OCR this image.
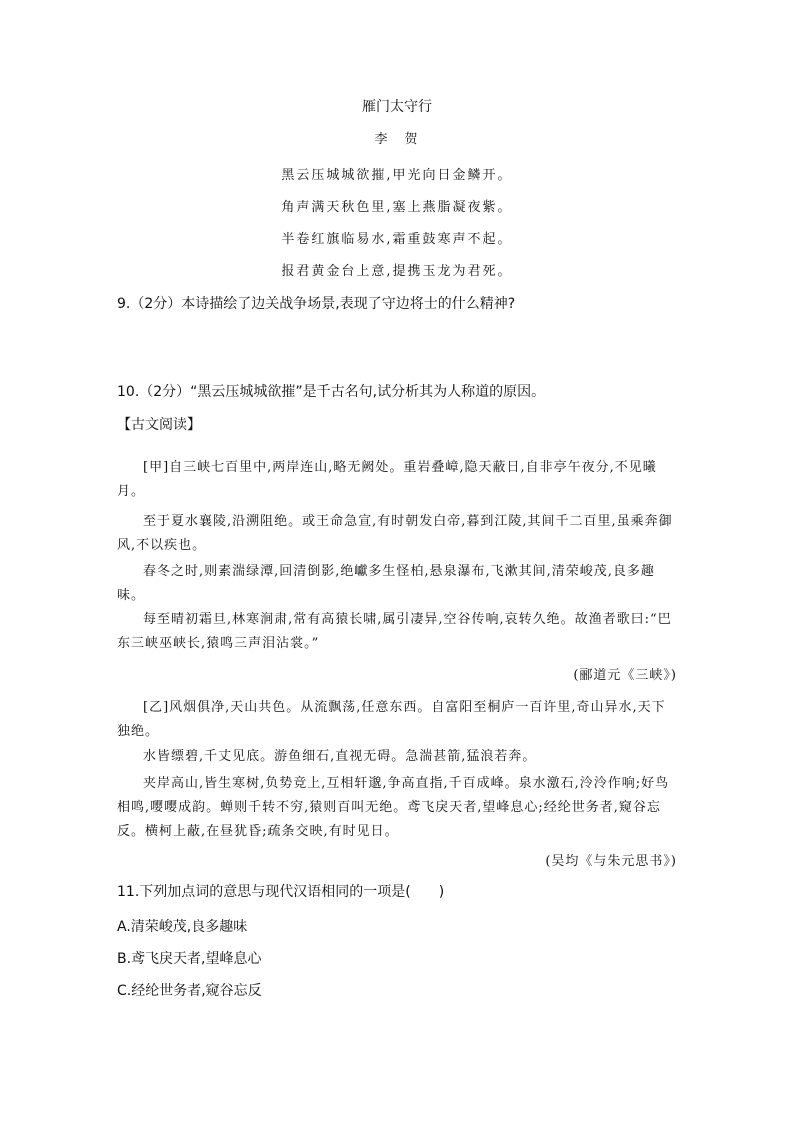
雁门太守行
李　贺
黑云压城城欲摧,甲光向日金鳞开。
角声满天秋色里,塞上燕脂凝夜紫。
半卷红旗临易水,霜重鼓寒声不起。
报君黄金台上意,提携玉龙为君死。
9.（2分）本诗描绘了边关战争场景,表现了守边将士的什么精神?
10.（2分）“黑云压城城欲摧”是千古名句,试分析其为人称道的原因。
【古文阅读】
[甲]自三峡七百里中,两岸连山,略无阙处。重岩叠嶂,隐天蔽日,自非亭午夜分,不见曦月。
至于夏水襄陵,沿溯阻绝。或王命急宣,有时朝发白帝,暮到江陵,其间千二百里,虽乘奔御风,不以疾也。
春冬之时,则素湍绿潭,回清倒影,绝巘多生怪柏,悬泉瀑布,飞漱其间,清荣峻茂,良多趣味。
每至晴初霜旦,林寒涧肃,常有高猿长啸,属引凄异,空谷传响,哀转久绝。故渔者歌曰:“巴东三峡巫峡长,猿鸣三声泪沾裳。”
(郦道元《三峡》)
[乙]风烟俱净,天山共色。从流飘荡,任意东西。自富阳至桐庐一百许里,奇山异水,天下独绝。
水皆缥碧,千丈见底。游鱼细石,直视无碍。急湍甚箭,猛浪若奔。
夹岸高山,皆生寒树,负势竞上,互相轩邈,争高直指,千百成峰。泉水激石,泠泠作响;好鸟相鸣,嘤嘤成韵。蝉则千转不穷,猿则百叫无绝。鸢飞戾天者,望峰息心;经纶世务者,窥谷忘反。横柯上蔽,在昼犹昏;疏条交映,有时见日。
(吴均《与朱元思书》)
11.下列加点词的意思与现代汉语相同的一项是(　　)
A.清荣峻茂,良多趣味
B.鸢飞戾天者,望峰息心
C.经纶世务者,窥谷忘反
